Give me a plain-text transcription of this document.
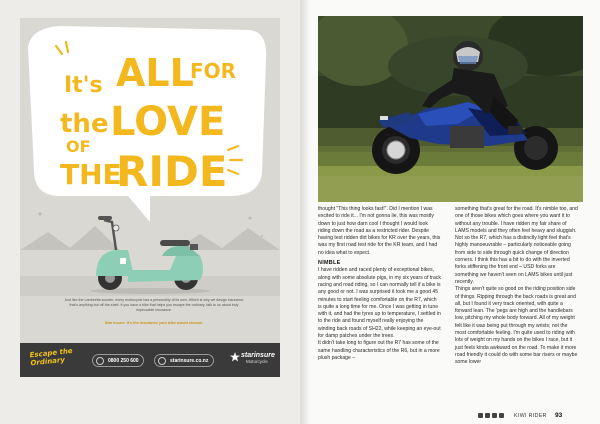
It's ALL
FOR
the LOVE
OF
THE
RIDE
Just like the Lambretta scooter, every motorcycle has a personality of its own. Which is why we design insurance that's anything but off-the-shelf. If you have a bike that helps you escape the ordinary, talk to us about truly impeccable insurance.
Star Insure. It's the insurance your bike would choose.
Escape the Ordinary	0800 250 600	starinsure.co.nz
starinsure
Motorcycle

thought "This thing looks fast!". Did I mention I was excited to ride it... I'm not gonna lie, this was mostly down to just how darn cool I thought I would look riding down the road as a restricted rider. Despite having test ridden dirt bikes for KR over the years, this was my first road test ride for the KR team, and I had no idea what to expect.

NIMBLE

I have ridden and raced plenty of exceptional bikes, along with some absolute pigs, in my six years of track racing and road riding, so I can normally tell if a bike is any good or not. I was surprised it took me a good 45 minutes to start feeling comfortable on the R7, which is quite a long time for me. Once I was getting in tune with it, and had the tyres up to temperature, I settled in to the ride and found myself really enjoying the winding back roads of SH22, while keeping an eye-out for damp patches under the trees.

It didn't take long to figure out the R7 has some of the same handling characteristics of the R6, but in a more plush package –

something that's great for the road. It's nimble too, and one of those bikes which goes where you want it to without any trouble. I have ridden my fair share of LAMS models and they often feel heavy and sluggish. Not so the R7, which has a distinctly light feel that's highly manoeuvrable – particularly noticeable going from side to side through quick change of direction corners. I think this has a bit to do with the inverted forks stiffening the front end – USD forks are something we haven't seen on LAMS bikes until just recently.

Things aren't quite so good on the riding position side of things. Ripping through the back roads is great and all, but I found it very track oriented, with quite a forward lean. The 'pegs are high and the handlebars low, pitching my whole body forward. All of my weight felt like it was being put through my wrists; not the most comfortable feeling. I'm quite used to riding with lots of weight on my hands on the bikes I race, but it just feels kinda awkward on the road. To make it more road friendly it could do with some bar risers or maybe some lower

KIWI RIDER 93
